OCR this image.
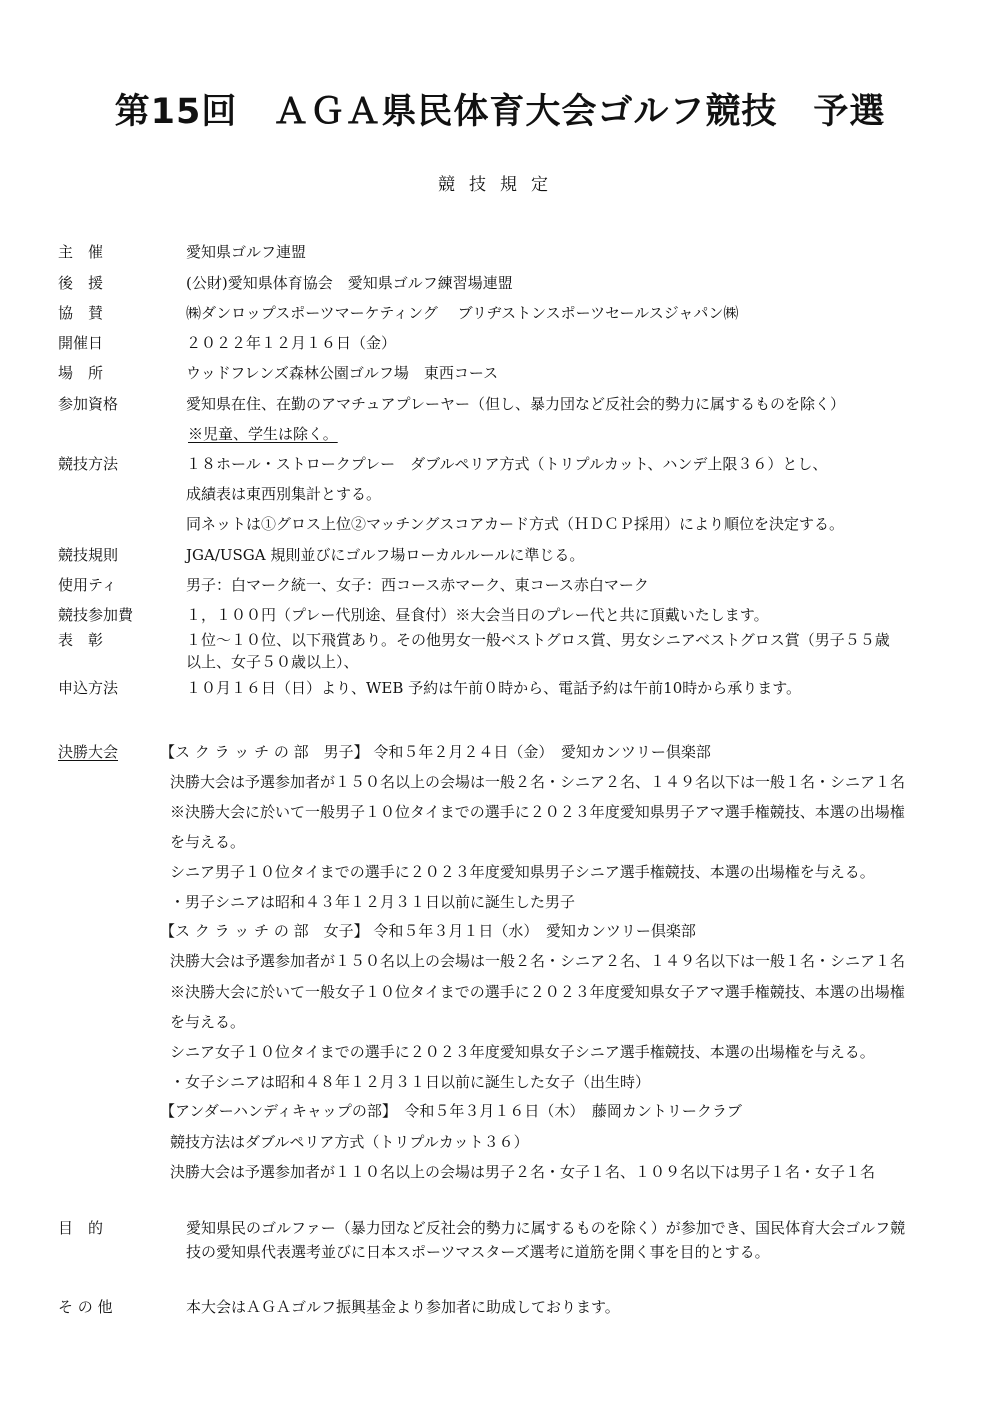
第15回　ＡＧＡ県民体育大会ゴルフ競技　予選
競技規定
主　催	愛知県ゴルフ連盟
後　援	(公財)愛知県体育協会　愛知県ゴルフ練習場連盟
協　賛	㈱ダンロップスポーツマーケティング　 ブリヂストンスポーツセールスジャパン㈱
開催日	２０２２年１２月１６日（金）
場　所	ウッドフレンズ森林公園ゴルフ場　東西コース
参加資格	愛知県在住、在勤のアマチュアプレーヤー（但し、暴力団など反社会的勢力に属するものを除く）
※児童、学生は除く。
競技方法	１８ホール・ストロークプレー　ダブルペリア方式（トリプルカット、ハンデ上限３６）とし、
成績表は東西別集計とする。
同ネットは①グロス上位②マッチングスコアカード方式（ＨＤＣＰ採用）により順位を決定する。
競技規則	JGA/USGA 規則並びにゴルフ場ローカルルールに準じる。
使用ティ	男子：白マーク統一、女子：西コース赤マーク、東コース赤白マーク
競技参加費	１，１００円（プレー代別途、昼食付）※大会当日のプレー代と共に頂戴いたします。
表　彰	１位～１０位、以下飛賞あり。その他男女一般ベストグロス賞、男女シニアベストグロス賞（男子５５歳
以上、女子５０歳以上）、
申込方法	１０月１６日（日）より、WEB 予約は午前０時から、電話予約は午前10時から承ります。
決勝大会	【ス ク ラ ッ チ の 部　男子】 令和５年２月２４日（金）　愛知カンツリー倶楽部
決勝大会は予選参加者が１５０名以上の会場は一般２名・シニア２名、１４９名以下は一般１名・シニア１名
※決勝大会に於いて一般男子１０位タイまでの選手に２０２３年度愛知県男子アマ選手権競技、本選の出場権
を与える。
シニア男子１０位タイまでの選手に２０２３年度愛知県男子シニア選手権競技、本選の出場権を与える。
・男子シニアは昭和４３年１２月３１日以前に誕生した男子
【ス ク ラ ッ チ の 部　女子】 令和５年３月１日（水）　愛知カンツリー倶楽部
決勝大会は予選参加者が１５０名以上の会場は一般２名・シニア２名、１４９名以下は一般１名・シニア１名
※決勝大会に於いて一般女子１０位タイまでの選手に２０２３年度愛知県女子アマ選手権競技、本選の出場権
を与える。
シニア女子１０位タイまでの選手に２０２３年度愛知県女子シニア選手権競技、本選の出場権を与える。
・女子シニアは昭和４８年１２月３１日以前に誕生した女子（出生時）
【アンダーハンディキャップの部】　令和５年３月１６日（木）　藤岡カントリークラブ
競技方法はダブルペリア方式（トリプルカット３６）
決勝大会は予選参加者が１１０名以上の会場は男子２名・女子１名、１０９名以下は男子１名・女子１名
目　的	愛知県民のゴルファー（暴力団など反社会的勢力に属するものを除く）が参加でき、国民体育大会ゴルフ競
技の愛知県代表選考並びに日本スポーツマスターズ選考に道筋を開く事を目的とする。
そ の 他	本大会はＡＧＡゴルフ振興基金より参加者に助成しております。
